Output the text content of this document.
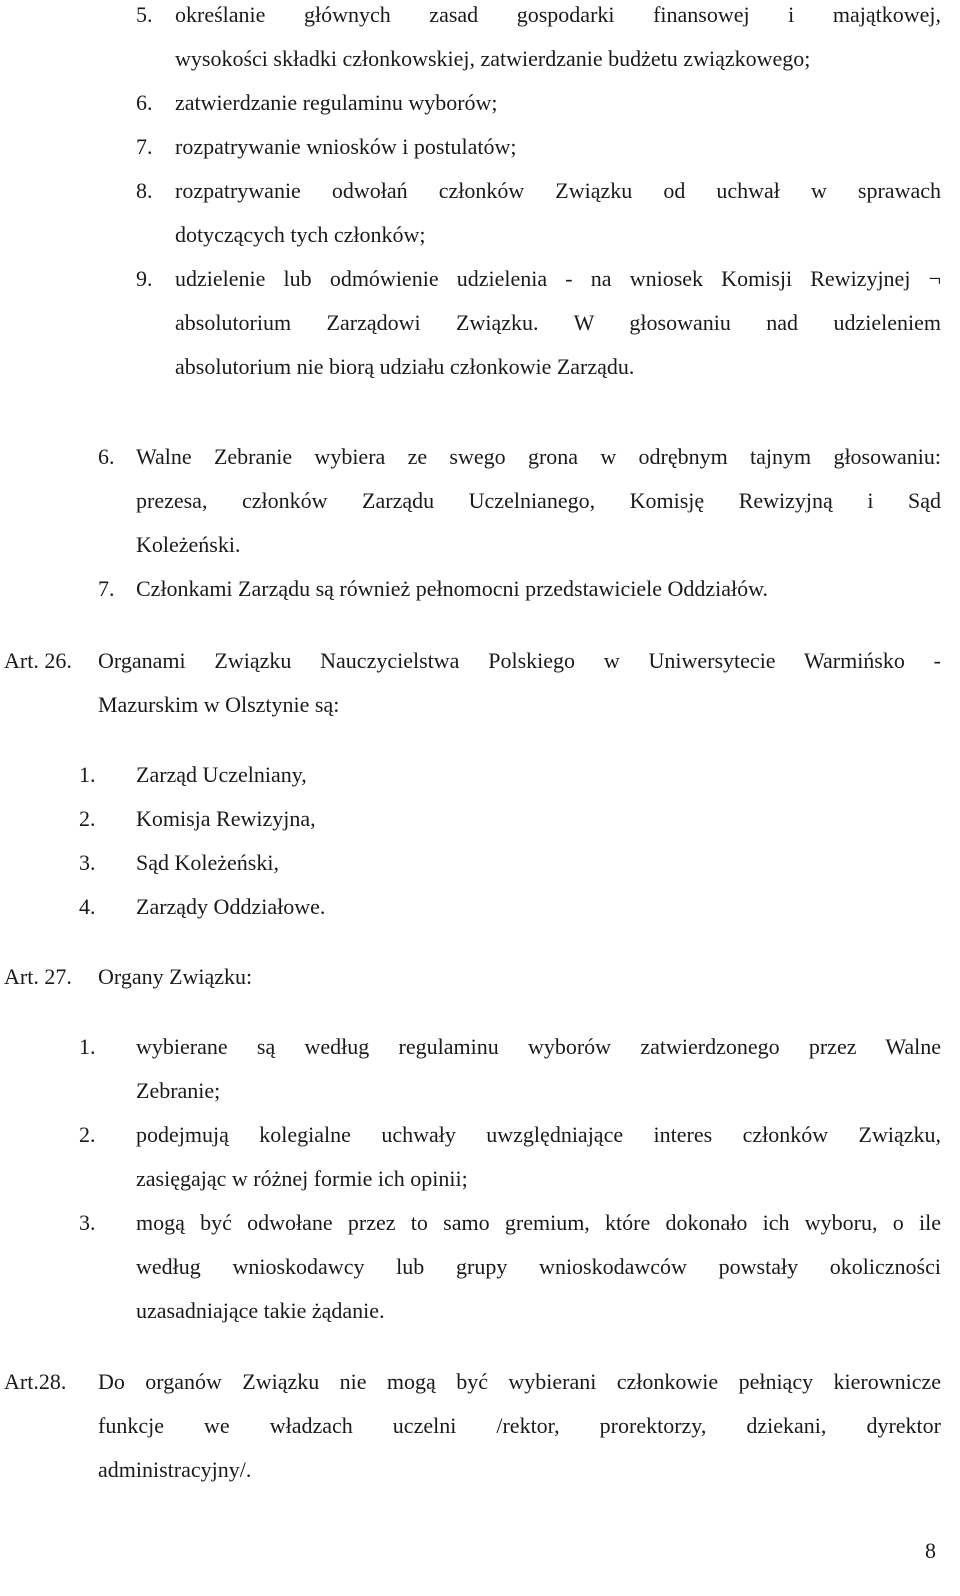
5. określanie głównych zasad gospodarki finansowej i majątkowej,
wysokości składki członkowskiej, zatwierdzanie budżetu związkowego;
6. zatwierdzanie regulaminu wyborów;
7. rozpatrywanie wniosków i postulatów;
8. rozpatrywanie odwołań członków Związku od uchwał w sprawach
dotyczących tych członków;
9. udzielenie lub odmówienie udzielenia - na wniosek Komisji Rewizyjnej ¬
absolutorium Zarządowi Związku. W głosowaniu nad udzieleniem
absolutorium nie biorą udziału członkowie Zarządu.
6. Walne Zebranie wybiera ze swego grona w odrębnym tajnym głosowaniu:
prezesa, członków Zarządu Uczelnianego, Komisję Rewizyjną i Sąd
Koleżeński.
7. Członkami Zarządu są również pełnomocni przedstawiciele Oddziałów.
Art. 26. Organami Związku Nauczycielstwa Polskiego w Uniwersytecie Warmińsko -
Mazurskim w Olsztynie są:
1. Zarząd Uczelniany,
2. Komisja Rewizyjna,
3. Sąd Koleżeński,
4. Zarządy Oddziałowe.
Art. 27. Organy Związku:
1. wybierane są według regulaminu wyborów zatwierdzonego przez Walne
Zebranie;
2. podejmują kolegialne uchwały uwzględniające interes członków Związku,
zasięgając w różnej formie ich opinii;
3. mogą być odwołane przez to samo gremium, które dokonało ich wyboru, o ile
według wnioskodawcy lub grupy wnioskodawców powstały okoliczności
uzasadniające takie żądanie.
Art.28. Do organów Związku nie mogą być wybierani członkowie pełniący kierownicze
funkcje we władzach uczelni /rektor, prorektorzy, dziekani, dyrektor
administracyjny/.
8
